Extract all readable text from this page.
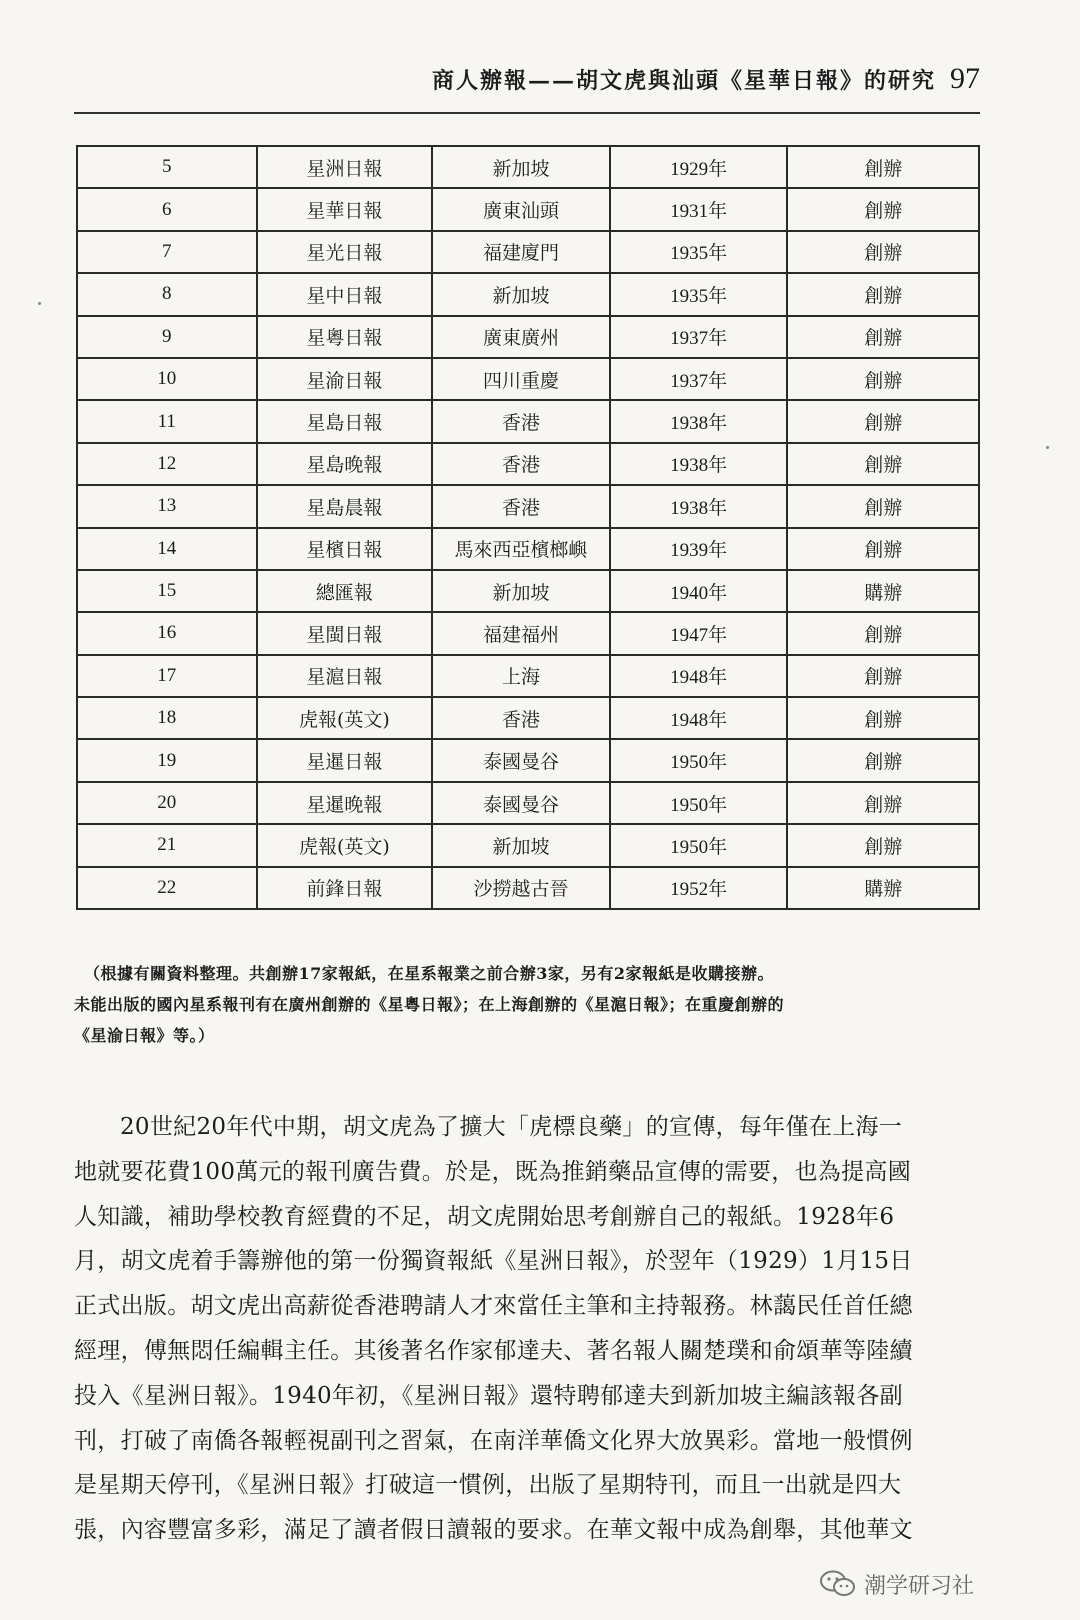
商人辦報——胡文虎與汕頭《星華日報》的研究 97
5	星洲日報	新加坡	1929年	創辦
6	星華日報	廣東汕頭	1931年	創辦
7	星光日報	福建廈門	1935年	創辦
8	星中日報	新加坡	1935年	創辦
9	星粵日報	廣東廣州	1937年	創辦
10	星渝日報	四川重慶	1937年	創辦
11	星島日報	香港	1938年	創辦
12	星島晚報	香港	1938年	創辦
13	星島晨報	香港	1938年	創辦
14	星檳日報	馬來西亞檳榔嶼	1939年	創辦
15	總匯報	新加坡	1940年	購辦
16	星閩日報	福建福州	1947年	創辦
17	星滬日報	上海	1948年	創辦
18	虎報(英文)	香港	1948年	創辦
19	星暹日報	泰國曼谷	1950年	創辦
20	星暹晚報	泰國曼谷	1950年	創辦
21	虎報(英文)	新加坡	1950年	創辦
22	前鋒日報	沙撈越古晉	1952年	購辦

（根據有關資料整理。共創辦17家報紙，在星系報業之前合辦3家，另有2家報紙是收購接辦。

未能出版的國內星系報刊有在廣州創辦的《星粵日報》；在上海創辦的《星滬日報》；在重慶創辦的

《星渝日報》等。）

20世紀20年代中期，胡文虎為了擴大「虎標良藥」的宣傳，每年僅在上海一

地就要花費100萬元的報刊廣告費。於是，既為推銷藥品宣傳的需要，也為提高國

人知識，補助學校教育經費的不足，胡文虎開始思考創辦自己的報紙。1928年6

月，胡文虎着手籌辦他的第一份獨資報紙《星洲日報》，於翌年（1929）1月15日

正式出版。胡文虎出高薪從香港聘請人才來當任主筆和主持報務。林藹民任首任總

經理，傅無悶任編輯主任。其後著名作家郁達夫、著名報人關楚璞和俞頌華等陸續

投入《星洲日報》。1940年初，《星洲日報》還特聘郁達夫到新加坡主編該報各副

刊，打破了南僑各報輕視副刊之習氣，在南洋華僑文化界大放異彩。當地一般慣例

是星期天停刊，《星洲日報》打破這一慣例，出版了星期特刊，而且一出就是四大

張，內容豐富多彩，滿足了讀者假日讀報的要求。在華文報中成為創舉，其他華文

潮学研习社
